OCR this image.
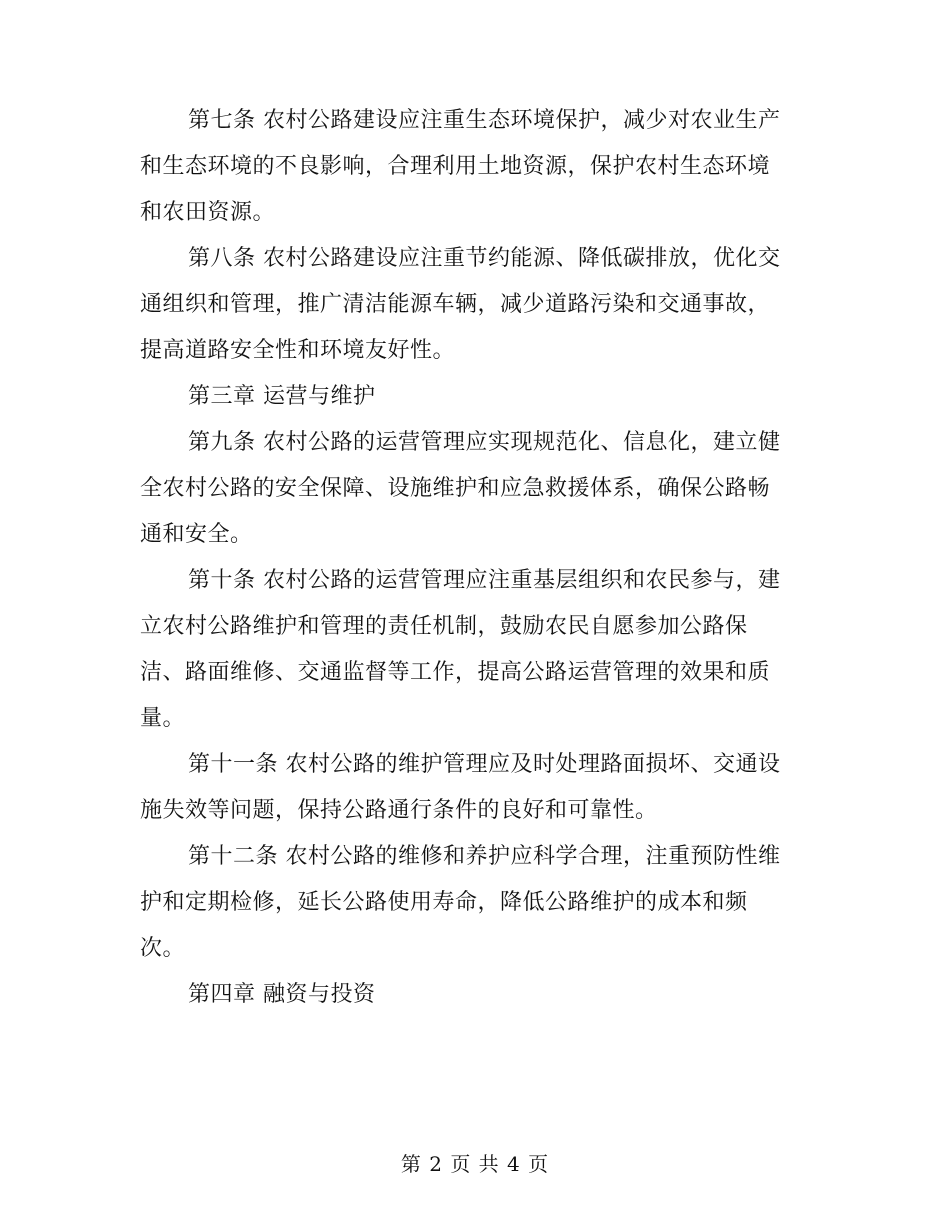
第七条 农村公路建设应注重生态环境保护，减少对农业生产
和生态环境的不良影响，合理利用土地资源，保护农村生态环境
和农田资源。

第八条 农村公路建设应注重节约能源、降低碳排放，优化交
通组织和管理，推广清洁能源车辆，减少道路污染和交通事故，
提高道路安全性和环境友好性。

第三章 运营与维护

第九条 农村公路的运营管理应实现规范化、信息化，建立健
全农村公路的安全保障、设施维护和应急救援体系，确保公路畅
通和安全。

第十条 农村公路的运营管理应注重基层组织和农民参与，建
立农村公路维护和管理的责任机制，鼓励农民自愿参加公路保
洁、路面维修、交通监督等工作，提高公路运营管理的效果和质
量。

第十一条 农村公路的维护管理应及时处理路面损坏、交通设
施失效等问题，保持公路通行条件的良好和可靠性。

第十二条 农村公路的维修和养护应科学合理，注重预防性维
护和定期检修，延长公路使用寿命，降低公路维护的成本和频
次。

第四章 融资与投资

第 2 页 共 4 页
